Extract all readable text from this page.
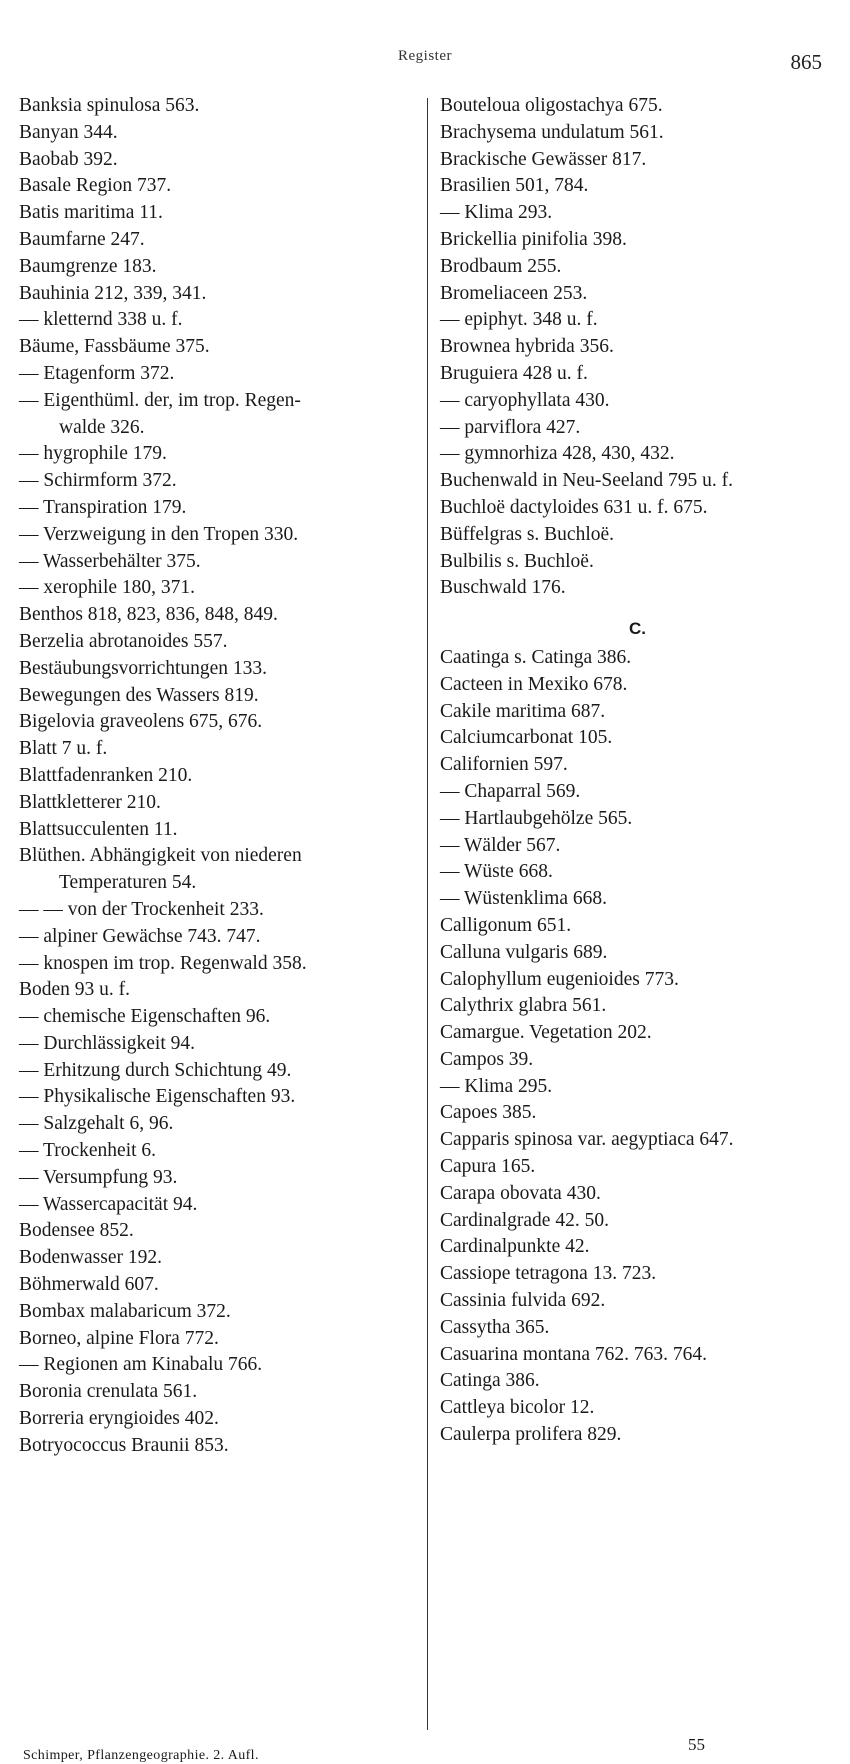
Register	865
Banksia spinulosa 563.
Banyan 344.
Baobab 392.
Basale Region 737.
Batis maritima 11.
Baumfarne 247.
Baumgrenze 183.
Bauhinia 212, 339, 341.
— kletternd 338 u. f.
Bäume, Fassbäume 375.
— Etagenform 372.
— Eigenthüml. der, im trop. Regen-
walde 326.
— hygrophile 179.
— Schirmform 372.
— Transpiration 179.
— Verzweigung in den Tropen 330.
— Wasserbehälter 375.
— xerophile 180, 371.
Benthos 818, 823, 836, 848, 849.
Berzelia abrotanoides 557.
Bestäubungsvorrichtungen 133.
Bewegungen des Wassers 819.
Bigelovia graveolens 675, 676.
Blatt 7 u. f.
Blattfadenranken 210.
Blattkletterer 210.
Blattsucculenten 11.
Blüthen. Abhängigkeit von niederen
Temperaturen 54.
— — von der Trockenheit 233.
— alpiner Gewächse 743. 747.
— knospen im trop. Regenwald 358.
Boden 93 u. f.
— chemische Eigenschaften 96.
— Durchlässigkeit 94.
— Erhitzung durch Schichtung 49.
— Physikalische Eigenschaften 93.
— Salzgehalt 6, 96.
— Trockenheit 6.
— Versumpfung 93.
— Wassercapacität 94.
Bodensee 852.
Bodenwasser 192.
Böhmerwald 607.
Bombax malabaricum 372.
Borneo, alpine Flora 772.
— Regionen am Kinabalu 766.
Boronia crenulata 561.
Borreria eryngioides 402.
Botryococcus Braunii 853.
Bouteloua oligostachya 675.
Brachysema undulatum 561.
Brackische Gewässer 817.
Brasilien 501, 784.
— Klima 293.
Brickellia pinifolia 398.
Brodbaum 255.
Bromeliaceen 253.
— epiphyt. 348 u. f.
Brownea hybrida 356.
Bruguiera 428 u. f.
— caryophyllata 430.
— parviflora 427.
— gymnorhiza 428, 430, 432.
Buchenwald in Neu-Seeland 795 u. f.
Buchloë dactyloides 631 u. f. 675.
Büffelgras s. Buchloë.
Bulbilis s. Buchloë.
Buschwald 176.
C.
Caatinga s. Catinga 386.
Cacteen in Mexiko 678.
Cakile maritima 687.
Calciumcarbonat 105.
Californien 597.
— Chaparral 569.
— Hartlaubgehölze 565.
— Wälder 567.
— Wüste 668.
— Wüstenklima 668.
Calligonum 651.
Calluna vulgaris 689.
Calophyllum eugenioides 773.
Calythrix glabra 561.
Camargue. Vegetation 202.
Campos 39.
— Klima 295.
Capoes 385.
Capparis spinosa var. aegyptiaca 647.
Capura 165.
Carapa obovata 430.
Cardinalgrade 42. 50.
Cardinalpunkte 42.
Cassiope tetragona 13. 723.
Cassinia fulvida 692.
Cassytha 365.
Casuarina montana 762. 763. 764.
Catinga 386.
Cattleya bicolor 12.
Caulerpa prolifera 829.
Schimper, Pflanzengeographie. 2. Aufl.
55
